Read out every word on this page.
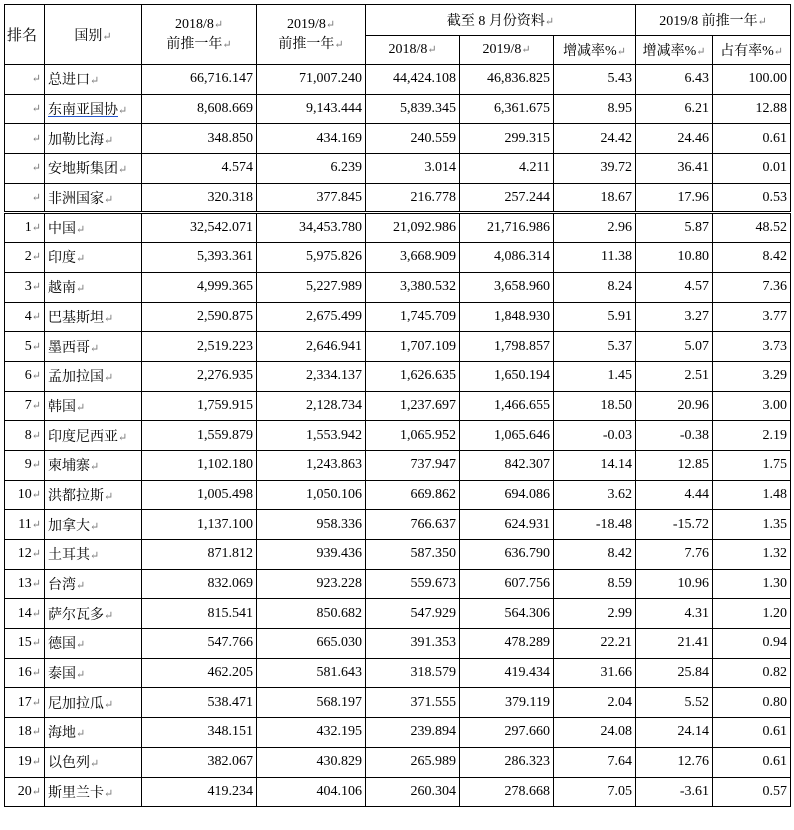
排名	国别↵	2018/8↵
前推一年↵	2019/8↵
前推一年↵	截至 8 月份资料↵			2019/8 前推一年↵	
				2018/8↵	2019/8↵	增减率%↵	增减率%↵	占有率%↵
↵	总进口↵	66,716.147	71,007.240	44,424.108	46,836.825	5.43	6.43	100.00
↵	东南亚国协↵	8,608.669	9,143.444	5,839.345	6,361.675	8.95	6.21	12.88
↵	加勒比海↵	348.850	434.169	240.559	299.315	24.42	24.46	0.61
↵	安地斯集团↵	4.574	6.239	3.014	4.211	39.72	36.41	0.01
↵	非洲国家↵	320.318	377.845	216.778	257.244	18.67	17.96	0.53
1↵	中国↵	32,542.071	34,453.780	21,092.986	21,716.986	2.96	5.87	48.52
2↵	印度↵	5,393.361	5,975.826	3,668.909	4,086.314	11.38	10.80	8.42
3↵	越南↵	4,999.365	5,227.989	3,380.532	3,658.960	8.24	4.57	7.36
4↵	巴基斯坦↵	2,590.875	2,675.499	1,745.709	1,848.930	5.91	3.27	3.77
5↵	墨西哥↵	2,519.223	2,646.941	1,707.109	1,798.857	5.37	5.07	3.73
6↵	孟加拉国↵	2,276.935	2,334.137	1,626.635	1,650.194	1.45	2.51	3.29
7↵	韩国↵	1,759.915	2,128.734	1,237.697	1,466.655	18.50	20.96	3.00
8↵	印度尼西亚↵	1,559.879	1,553.942	1,065.952	1,065.646	-0.03	-0.38	2.19
9↵	柬埔寨↵	1,102.180	1,243.863	737.947	842.307	14.14	12.85	1.75
10↵	洪都拉斯↵	1,005.498	1,050.106	669.862	694.086	3.62	4.44	1.48
11↵	加拿大↵	1,137.100	958.336	766.637	624.931	-18.48	-15.72	1.35
12↵	土耳其↵	871.812	939.436	587.350	636.790	8.42	7.76	1.32
13↵	台湾↵	832.069	923.228	559.673	607.756	8.59	10.96	1.30
14↵	萨尔瓦多↵	815.541	850.682	547.929	564.306	2.99	4.31	1.20
15↵	德国↵	547.766	665.030	391.353	478.289	22.21	21.41	0.94
16↵	泰国↵	462.205	581.643	318.579	419.434	31.66	25.84	0.82
17↵	尼加拉瓜↵	538.471	568.197	371.555	379.119	2.04	5.52	0.80
18↵	海地↵	348.151	432.195	239.894	297.660	24.08	24.14	0.61
19↵	以色列↵	382.067	430.829	265.989	286.323	7.64	12.76	0.61
20↵	斯里兰卡↵	419.234	404.106	260.304	278.668	7.05	-3.61	0.57
